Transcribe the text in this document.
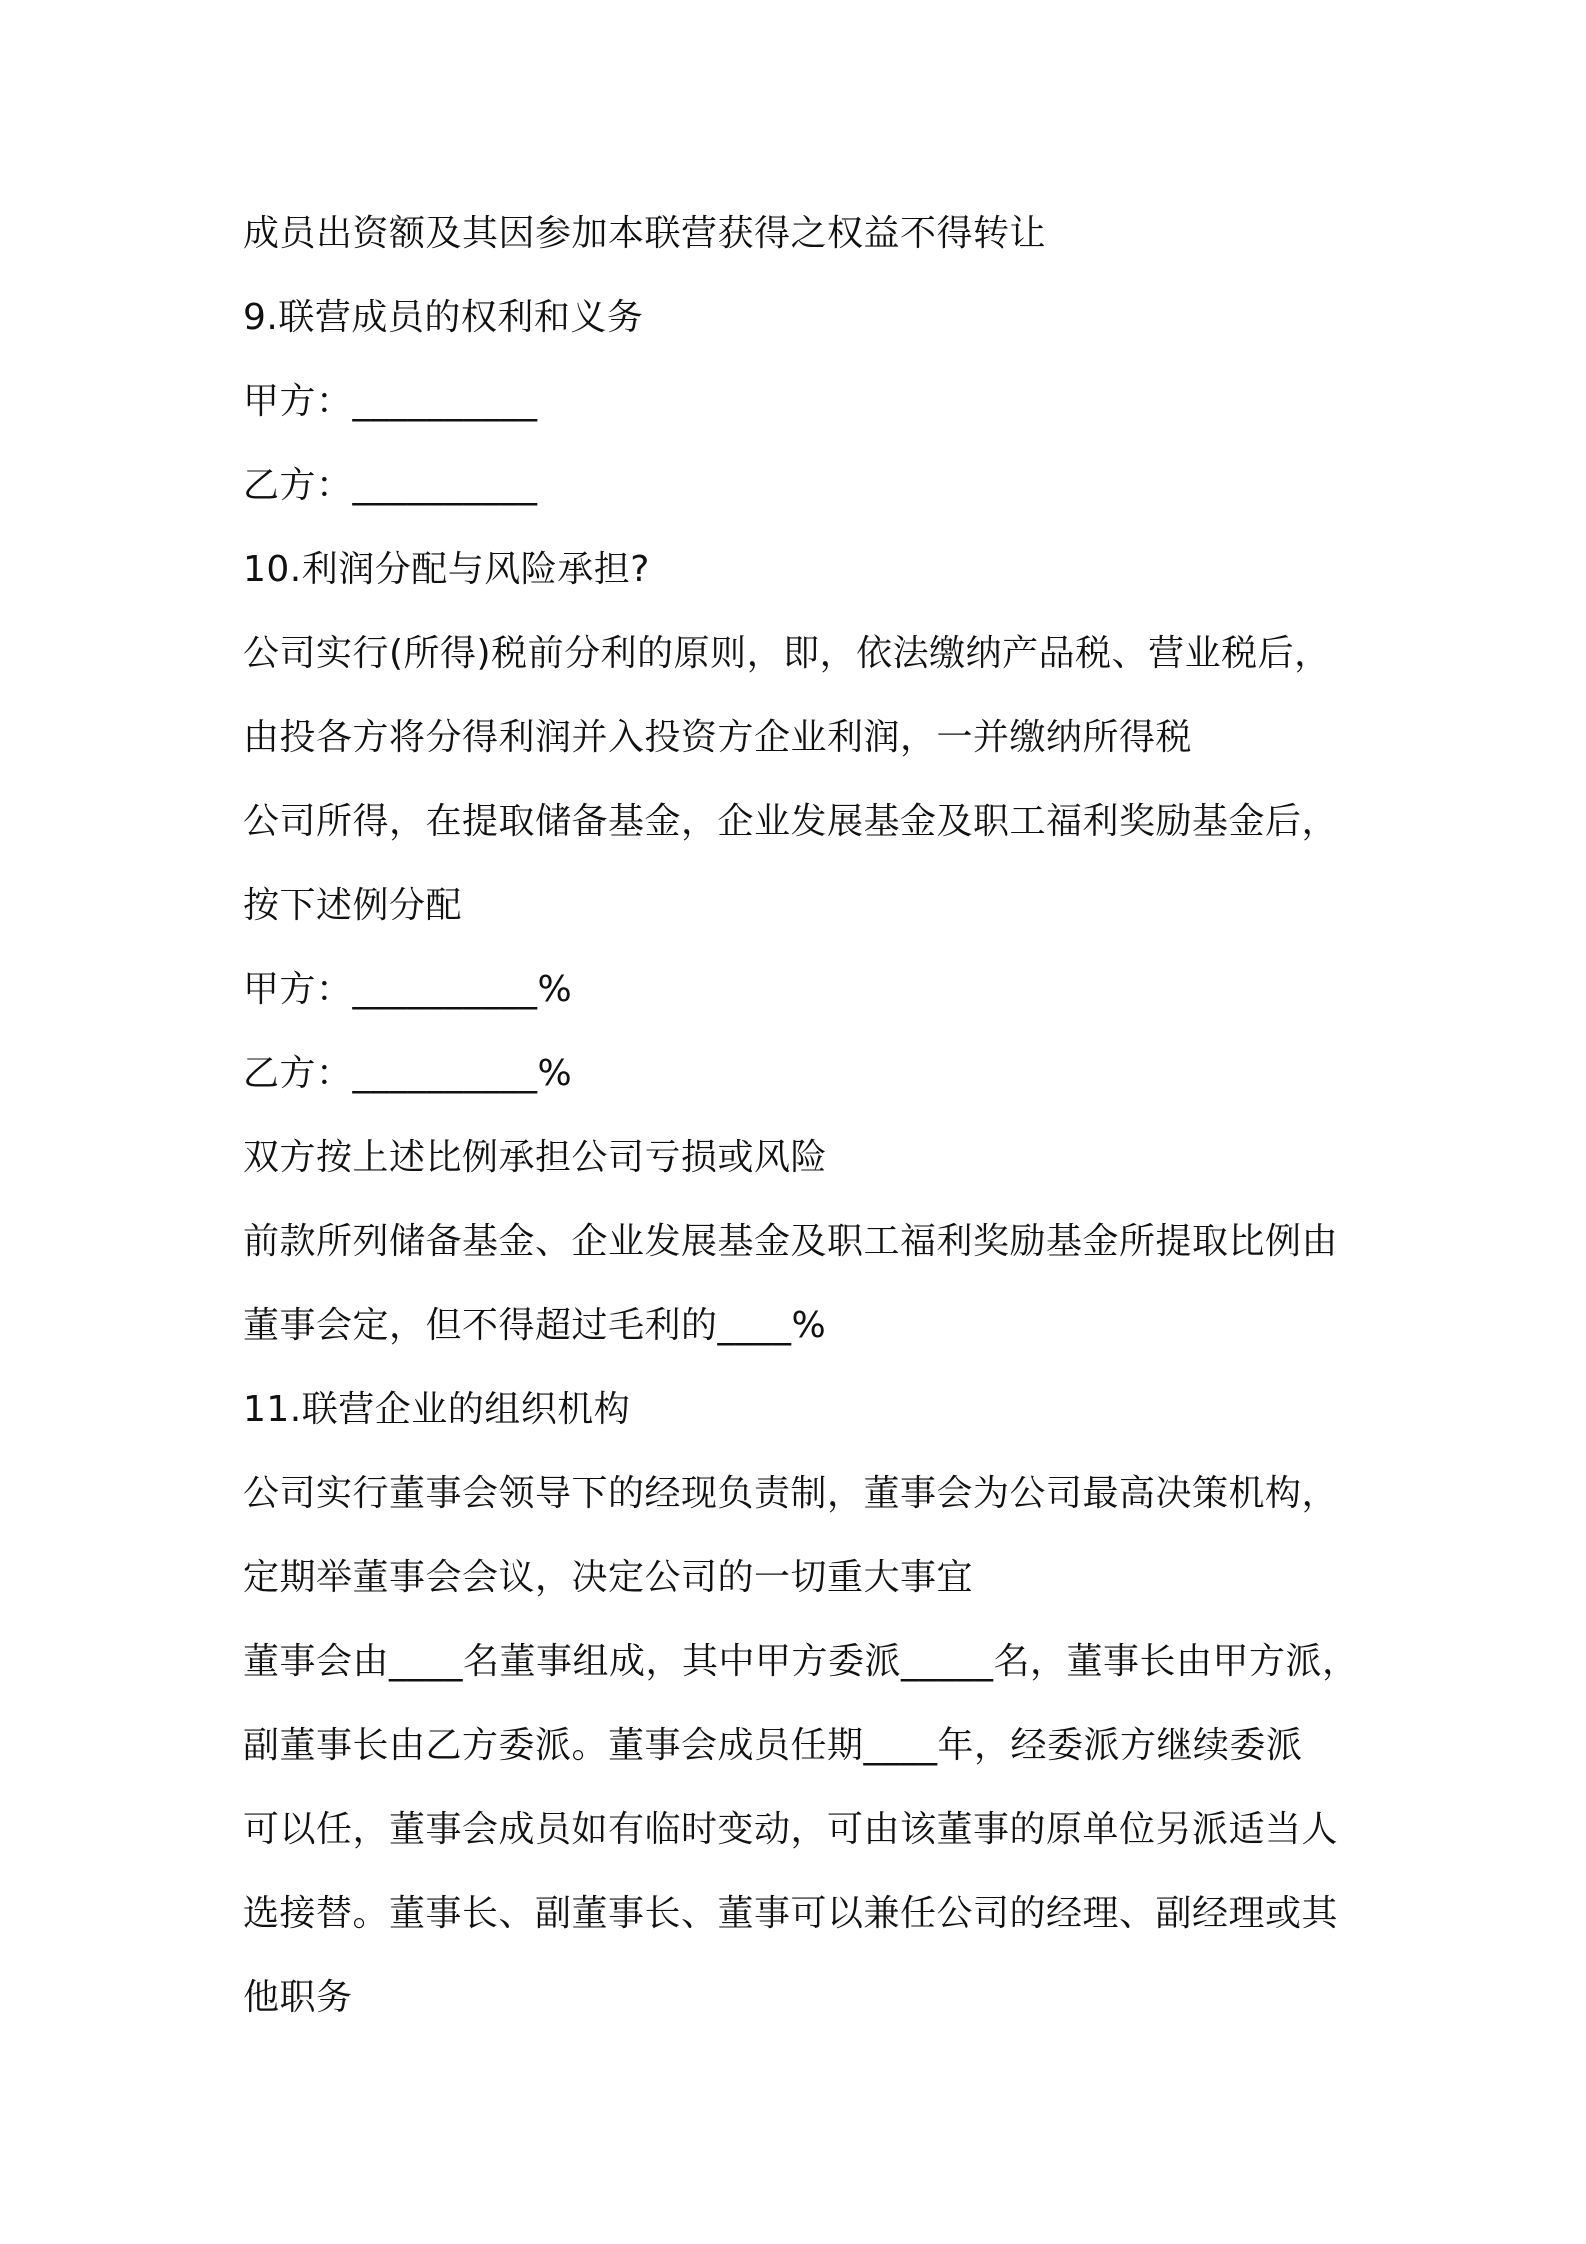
成员出资额及其因参加本联营获得之权益不得转让
9.联营成员的权利和义务
甲方：__________
乙方：__________
10.利润分配与风险承担?
公司实行(所得)税前分利的原则，即，依法缴纳产品税、营业税后，
由投各方将分得利润并入投资方企业利润，一并缴纳所得税
公司所得，在提取储备基金，企业发展基金及职工福利奖励基金后，
按下述例分配
甲方：__________%
乙方：__________%
双方按上述比例承担公司亏损或风险
前款所列储备基金、企业发展基金及职工福利奖励基金所提取比例由
董事会定，但不得超过毛利的____%
11.联营企业的组织机构
公司实行董事会领导下的经现负责制，董事会为公司最高决策机构，
定期举董事会会议，决定公司的一切重大事宜
董事会由____名董事组成，其中甲方委派_____名，董事长由甲方派，
副董事长由乙方委派。董事会成员任期____年，经委派方继续委派
可以任，董事会成员如有临时变动，可由该董事的原单位另派适当人
选接替。董事长、副董事长、董事可以兼任公司的经理、副经理或其
他职务
